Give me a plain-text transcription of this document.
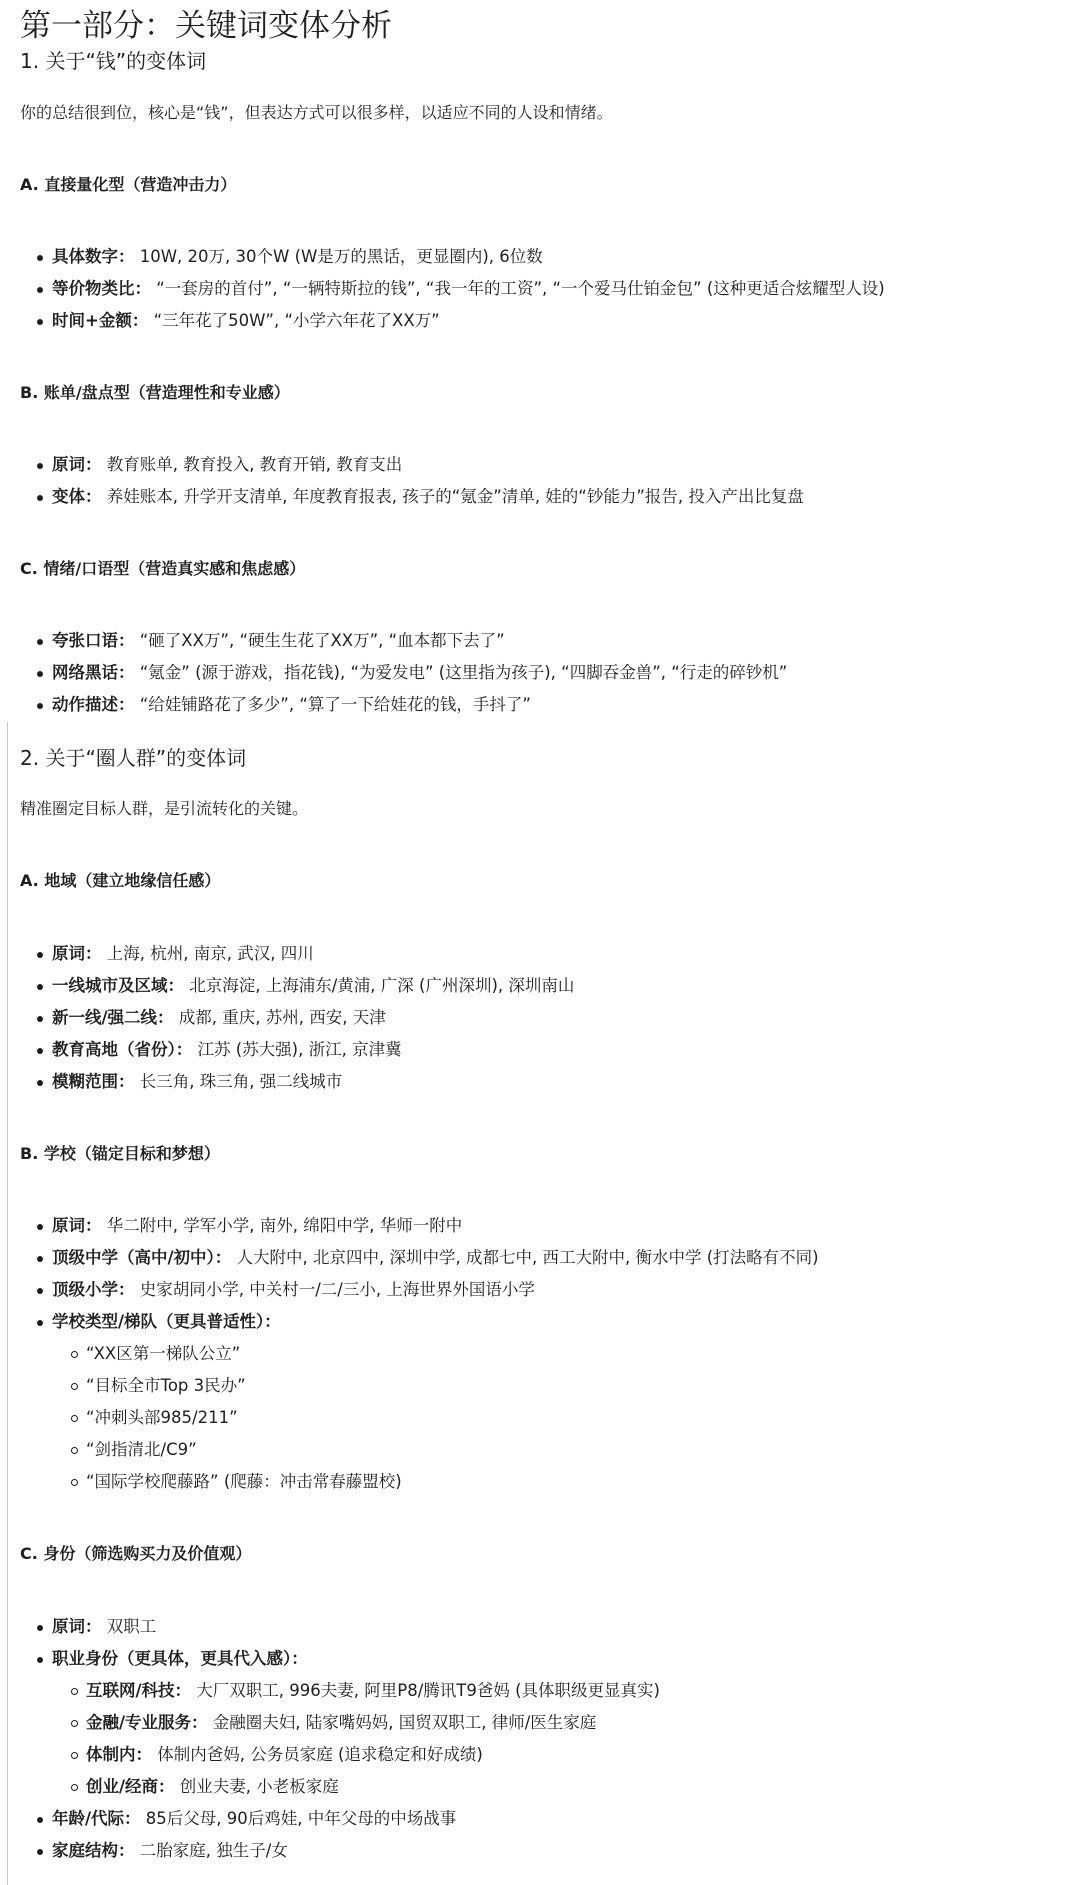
第一部分：关键词变体分析
1. 关于“钱”的变体词
你的总结很到位，核心是“钱”，但表达方式可以很多样，以适应不同的人设和情绪。
A. 直接量化型（营造冲击力）
具体数字： 10W, 20万, 30个W (W是万的黑话，更显圈内), 6位数
等价物类比： “一套房的首付”, “一辆特斯拉的钱”, “我一年的工资”, “一个爱马仕铂金包” (这种更适合炫耀型人设)
时间+金额： “三年花了50W”, “小学六年花了XX万”
B. 账单/盘点型（营造理性和专业感）
原词： 教育账单, 教育投入, 教育开销, 教育支出
变体： 养娃账本, 升学开支清单, 年度教育报表, 孩子的“氪金”清单, 娃的“钞能力”报告, 投入产出比复盘
C. 情绪/口语型（营造真实感和焦虑感）
夸张口语： “砸了XX万”, “硬生生花了XX万”, “血本都下去了”
网络黑话： “氪金” (源于游戏，指花钱), “为爱发电” (这里指为孩子), “四脚吞金兽”, “行走的碎钞机”
动作描述： “给娃铺路花了多少”, “算了一下给娃花的钱，手抖了”
2. 关于“圈人群”的变体词
精准圈定目标人群，是引流转化的关键。
A. 地域（建立地缘信任感）
原词： 上海, 杭州, 南京, 武汉, 四川
一线城市及区域： 北京海淀, 上海浦东/黄浦, 广深 (广州深圳), 深圳南山
新一线/强二线： 成都, 重庆, 苏州, 西安, 天津
教育高地（省份）： 江苏 (苏大强), 浙江, 京津冀
模糊范围： 长三角, 珠三角, 强二线城市
B. 学校（锚定目标和梦想）
原词： 华二附中, 学军小学, 南外, 绵阳中学, 华师一附中
顶级中学（高中/初中）： 人大附中, 北京四中, 深圳中学, 成都七中, 西工大附中, 衡水中学 (打法略有不同)
顶级小学： 史家胡同小学, 中关村一/二/三小, 上海世界外国语小学
学校类型/梯队（更具普适性）：
“XX区第一梯队公立”
“目标全市Top 3民办”
“冲刺头部985/211”
“剑指清北/C9”
“国际学校爬藤路” (爬藤：冲击常春藤盟校)
C. 身份（筛选购买力及价值观）
原词： 双职工
职业身份（更具体，更具代入感）：
互联网/科技： 大厂双职工, 996夫妻, 阿里P8/腾讯T9爸妈 (具体职级更显真实)
金融/专业服务： 金融圈夫妇, 陆家嘴妈妈, 国贸双职工, 律师/医生家庭
体制内： 体制内爸妈, 公务员家庭 (追求稳定和好成绩)
创业/经商： 创业夫妻, 小老板家庭
年龄/代际： 85后父母, 90后鸡娃, 中年父母的中场战事
家庭结构： 二胎家庭, 独生子/女
